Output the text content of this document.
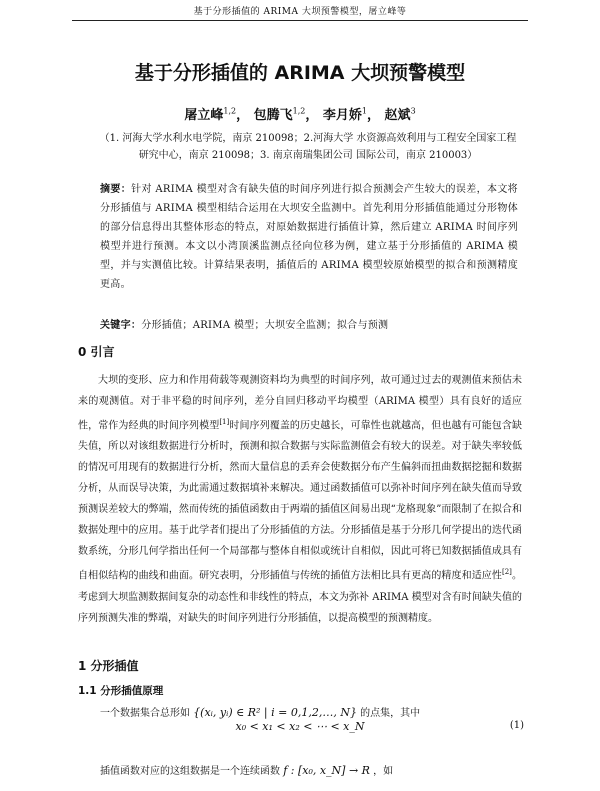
基于分形插值的 ARIMA 大坝预警模型，屠立峰等
基于分形插值的 ARIMA 大坝预警模型
屠立峰$^{1,2}$， 包腾飞$^{1,2}$， 李月娇$^1$， 赵斌$^3$
（1. 河海大学水利水电学院，南京 210098；2.河海大学 水资源高效利用与工程安全国家工程研究中心，南京 210098；3. 南京南瑞集团公司 国际公司，南京 210003）
摘要：针对 ARIMA 模型对含有缺失值的时间序列进行拟合预测会产生较大的误差，本文将分形插值与 ARIMA 模型相结合运用在大坝安全监测中。首先利用分形插值能通过分形物体的部分信息得出其整体形态的特点，对原始数据进行插值计算，然后建立 ARIMA 时间序列模型并进行预测。本文以小湾顶溪监测点径向位移为例，建立基于分形插值的 ARIMA 模型，并与实测值比较。计算结果表明，插值后的 ARIMA 模型较原始模型的拟合和预测精度更高。
关键字：分形插值；ARIMA 模型；大坝安全监测；拟合与预测
0 引言

大坝的变形、应力和作用荷载等观测资料均为典型的时间序列，故可通过过去的观测值来预估未来的观测值。对于非平稳的时间序列，差分自回归移动平均模型（ARIMA 模型）具有良好的适应性，常作为经典的时间序列模型[1]时间序列覆盖的历史越长，可靠性也就越高，但也越有可能包含缺失值，所以对该组数据进行分析时，预测和拟合数据与实际监测值会有较大的误差。对于缺失率较低的情况可用现有的数据进行分析，然而大量信息的丢弃会使数据分布产生偏斜而扭曲数据挖掘和数据分析，从而误导决策，为此需通过数据填补来解决。通过函数插值可以弥补时间序列在缺失值而导致预测误差较大的弊端，然而传统的插值函数由于两端的插值区间易出现“龙格现象”而限制了在拟合和数据处理中的应用。基于此学者们提出了分形插值的方法。分形插值是基于分形几何学提出的迭代函数系统，分形几何学指出任何一个局部都与整体自相似或统计自相似，因此可将已知数据插值成具有自相似结构的曲线和曲面。研究表明，分形插值与传统的插值方法相比具有更高的精度和适应性[2]。考虑到大坝监测数据间复杂的动态性和非线性的特点，本文为弥补 ARIMA 模型对含有时间缺失值的序列预测失准的弊端，对缺失的时间序列进行分形插值，以提高模型的预测精度。

1 分形插值
1.1 分形插值原理
一个数据集合总形如 {(xᵢ, yᵢ) ∈ R² | i = 0,1,2,…, N} 的点集，其中
x₀ < x₁ < x₂ < ⋯ < x_N	(1)
插值函数对应的这组数据是一个连续函数 f : [x₀, x_N] → R ，如
